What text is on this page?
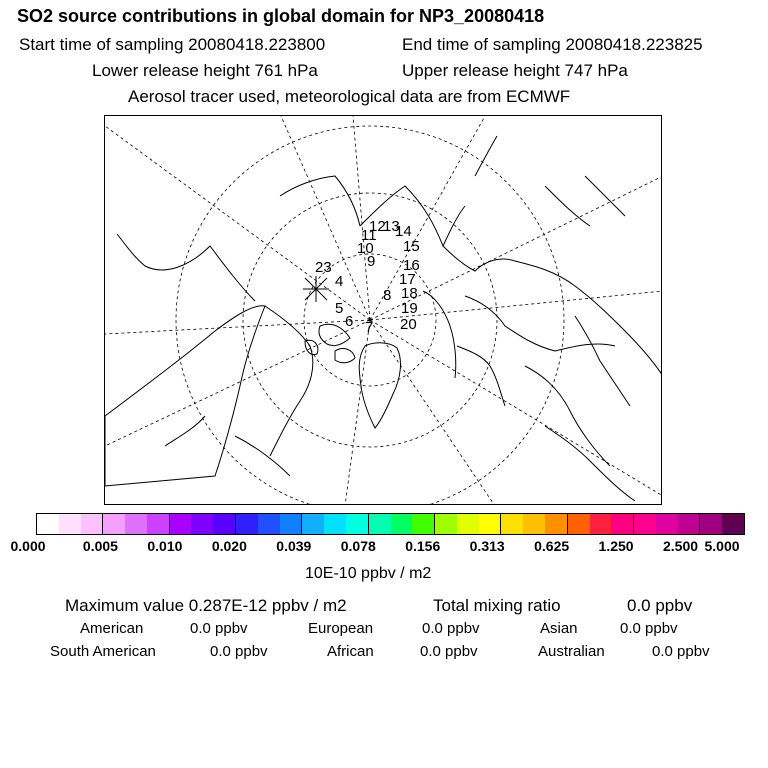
SO2 source contributions in global domain for NP3_20080418
Start time of sampling 20080418.223800	End time of sampling 20080418.223825
Lower release height 761 hPa	Upper release height 747 hPa
Aerosol tracer used, meteorological data are from ECMWF
23
4
5
6 7
8
9
10
11
12
13
14
15
16
17
18
19
20
0.000	0.005 0.010 0.020 0.039 0.078 0.156 0.313 0.625 1.250 2.500 5.000
10E-10 ppbv / m2
Maximum value 0.287E-12 ppbv / m2	Total mixing ratio	0.0 ppbv
American	0.0 ppbv	European	0.0 ppbv	Asian	0.0 ppbv
South American	0.0 ppbv	African	0.0 ppbv	Australian	0.0 ppbv
